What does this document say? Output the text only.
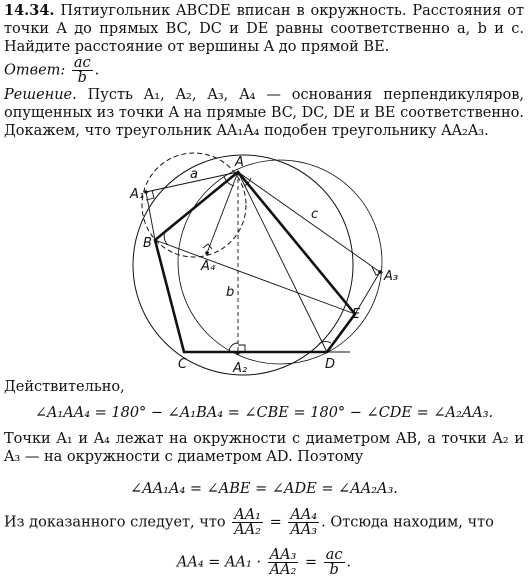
14.34. Пятиугольник ABCDE вписан в окружность. Расстояния от точки A до прямых BC, DC и DE равны соответственно a, b и c. Найдите расстояние от вершины A до прямой BE.

Ответ: $\frac{ac}{b}$ .

Решение. Пусть A₁, A₂, A₃, A₄ — основания перпендикуляров, опущенных из точки A на прямые BC, DC, DE и BE соответственно. Докажем, что треугольник AA₁A₄ подобен треугольнику AA₂A₃.

A
B
C	D
E
A₁
A₂
A₃
A₄
a
b
c
Действительно,
∠A₁AA₄ = 180° − ∠A₁BA₄ = ∠CBE = 180° − ∠CDE = ∠A₂AA₃.

Точки A₁ и A₄ лежат на окружности с диаметром AB, а точки A₂ и A₃ — на окружности с диаметром AD. Поэтому

∠AA₁A₄ = ∠ABE = ∠ADE = ∠AA₂A₃.
Из доказанного следует, что $\frac{\text{AA₁}}{\text{AA₂}} = \frac{\text{AA₄}}{\text{AA₃}}$ . Отсюда находим, что
$AA_4 = AA_1 \cdot \frac{\text{AA₃}}{\text{AA₂}} = \frac{ac}{b}$ .
